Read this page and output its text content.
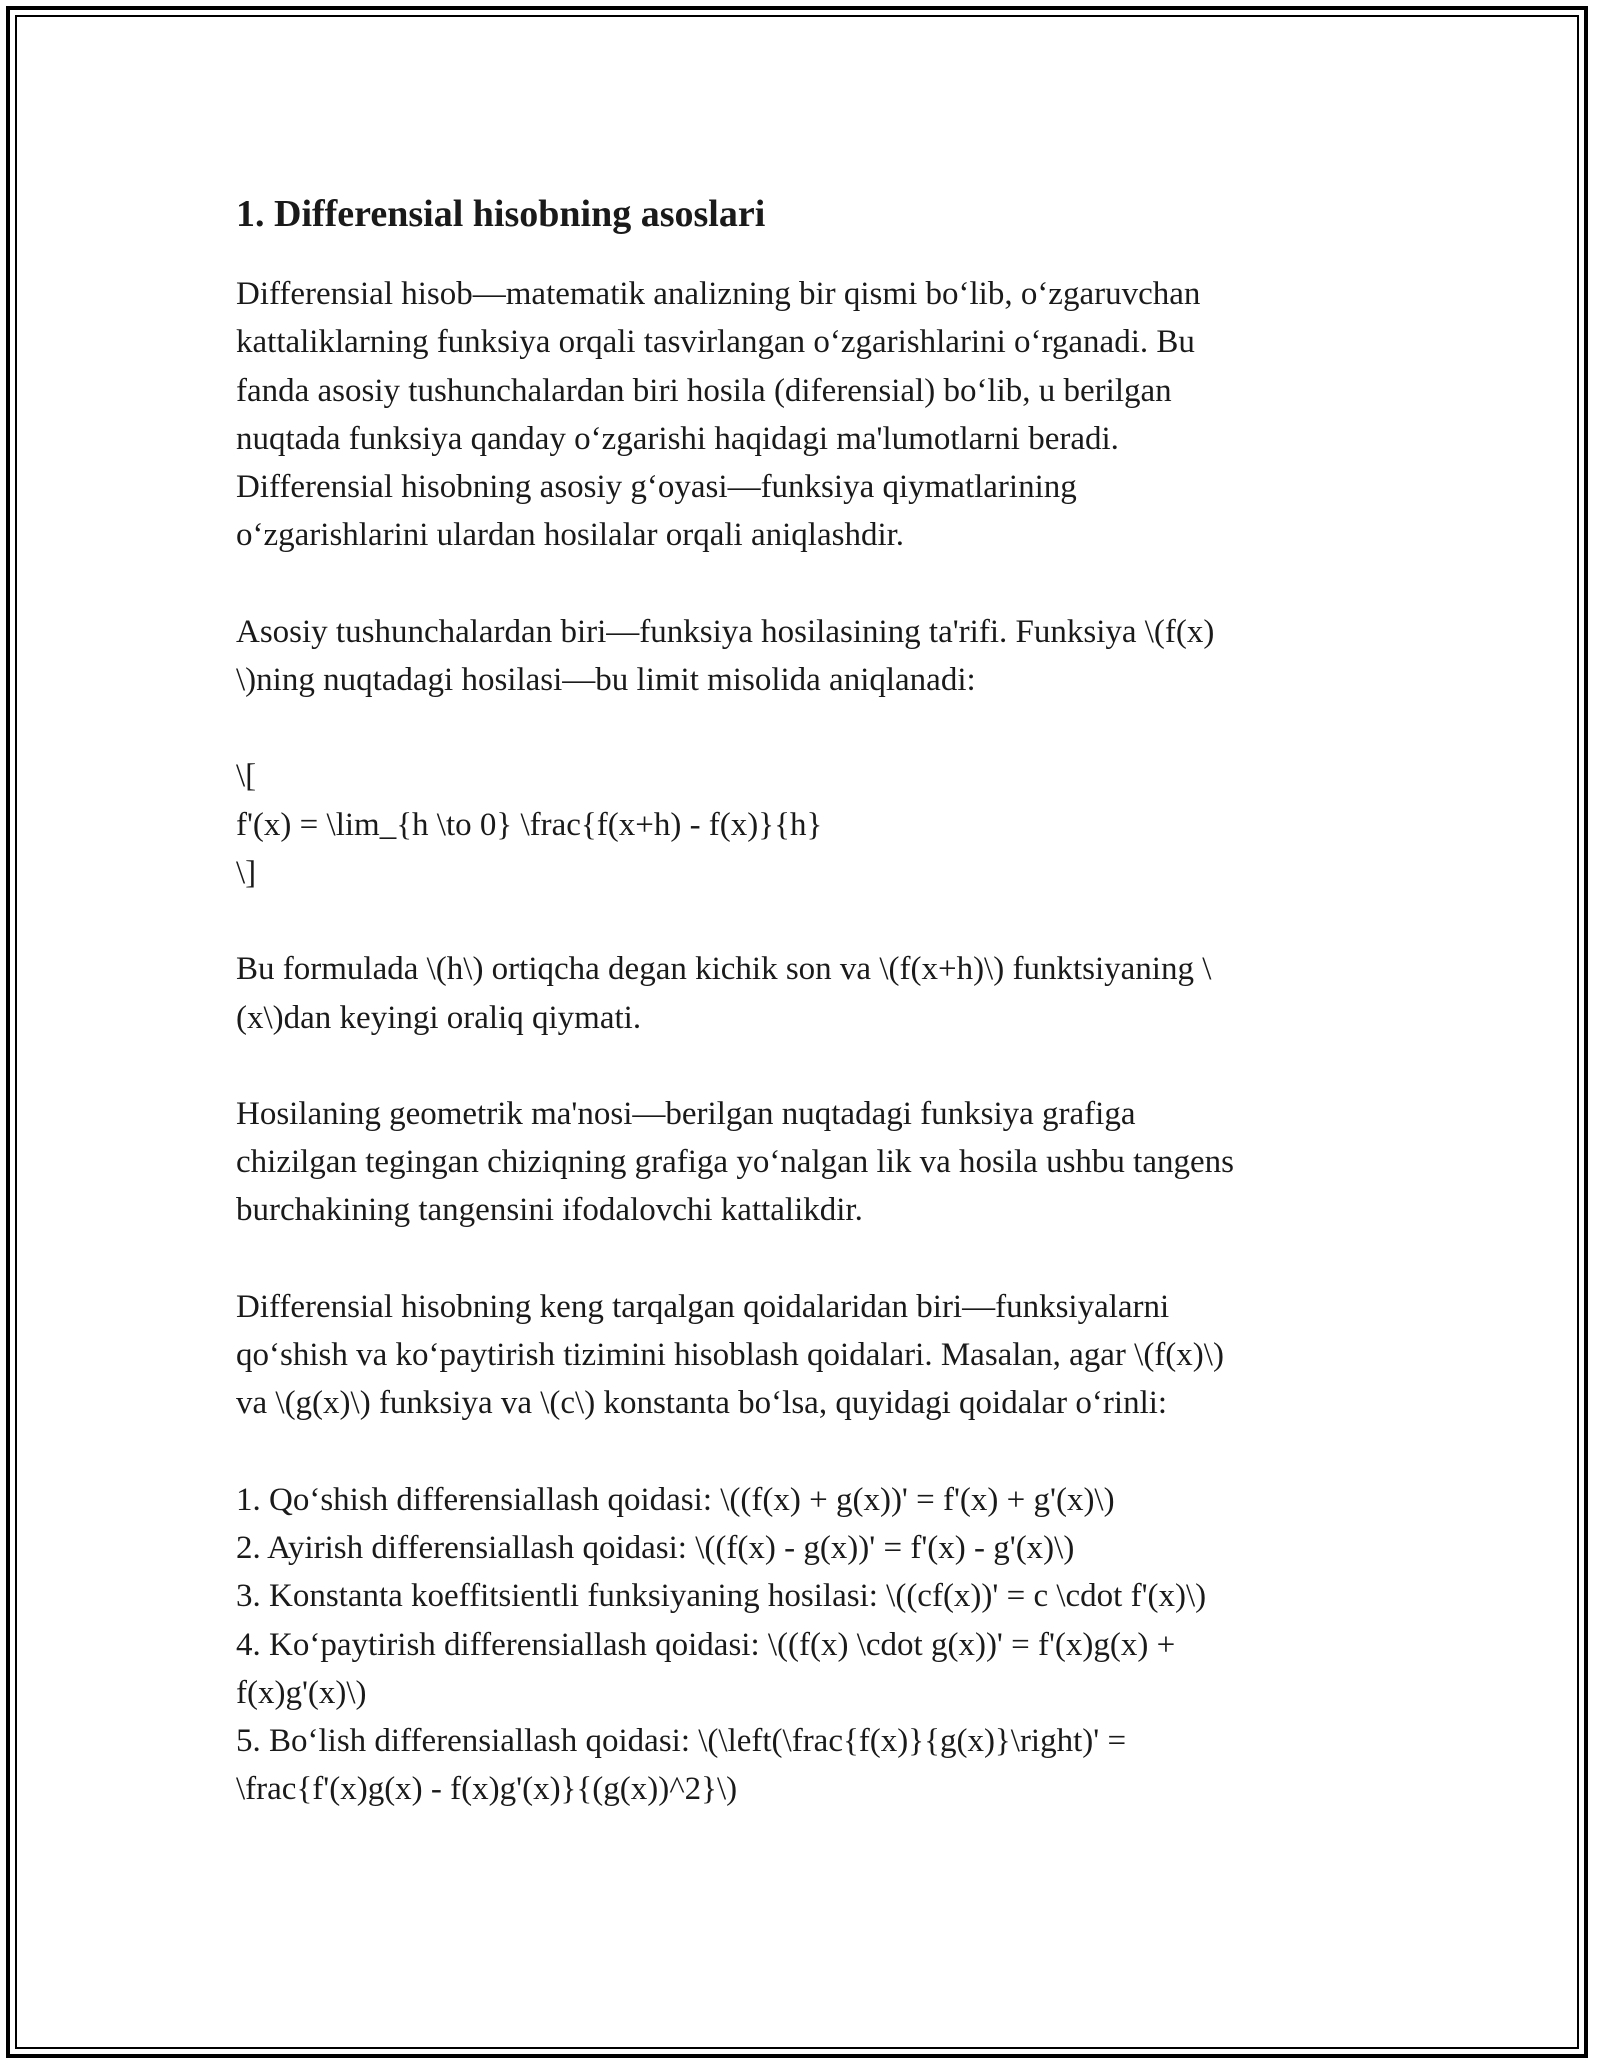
1. Differensial hisobning asoslari

Differensial hisob—matematik analizning bir qismi bo‘lib, o‘zgaruvchan
kattaliklarning funksiya orqali tasvirlangan o‘zgarishlarini o‘rganadi. Bu
fanda asosiy tushunchalardan biri hosila (diferensial) bo‘lib, u berilgan
nuqtada funksiya qanday o‘zgarishi haqidagi ma'lumotlarni beradi.
Differensial hisobning asosiy g‘oyasi—funksiya qiymatlarining
o‘zgarishlarini ulardan hosilalar orqali aniqlashdir.

Asosiy tushunchalardan biri—funksiya hosilasining ta'rifi. Funksiya \(f(x)
\)ning nuqtadagi hosilasi—bu limit misolida aniqlanadi:

\[
f'(x) = \lim_{h \to 0} \frac{f(x+h) - f(x)}{h}
\]

Bu formulada \(h\) ortiqcha degan kichik son va \(f(x+h)\) funktsiyaning \
(x\)dan keyingi oraliq qiymati.

Hosilaning geometrik ma'nosi—berilgan nuqtadagi funksiya grafiga
chizilgan tegingan chiziqning grafiga yo‘nalgan lik va hosila ushbu tangens
burchakining tangensini ifodalovchi kattalikdir.

Differensial hisobning keng tarqalgan qoidalaridan biri—funksiyalarni
qo‘shish va ko‘paytirish tizimini hisoblash qoidalari. Masalan, agar \(f(x)\)
va \(g(x)\) funksiya va \(c\) konstanta bo‘lsa, quyidagi qoidalar o‘rinli:

1. Qo‘shish differensiallash qoidasi: \((f(x) + g(x))' = f'(x) + g'(x)\)
2. Ayirish differensiallash qoidasi: \((f(x) - g(x))' = f'(x) - g'(x)\)
3. Konstanta koeffitsientli funksiyaning hosilasi: \((cf(x))' = c \cdot f'(x)\)
4. Ko‘paytirish differensiallash qoidasi: \((f(x) \cdot g(x))' = f'(x)g(x) +
f(x)g'(x)\)
5. Bo‘lish differensiallash qoidasi: \(\left(\frac{f(x)}{g(x)}\right)' =
\frac{f'(x)g(x) - f(x)g'(x)}{(g(x))^2}\)
